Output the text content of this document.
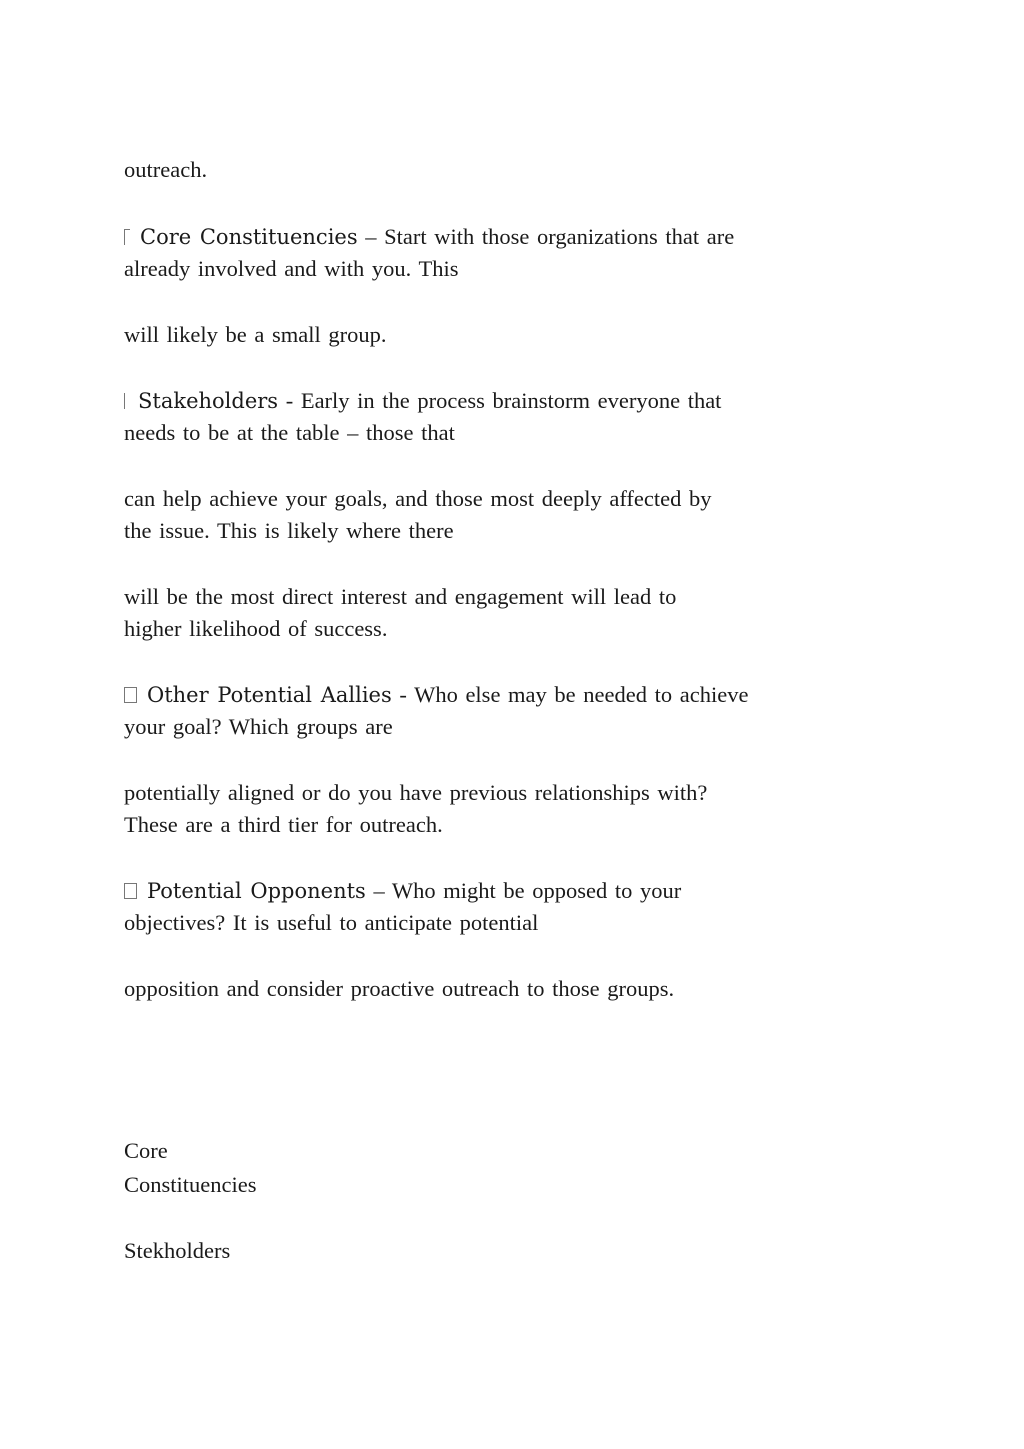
outreach.
Core Constituencies – Start with those organizations that are
already involved and with you. This
will likely be a small group.
Stakeholders - Early in the process brainstorm everyone that
needs to be at the table – those that
can help achieve your goals, and those most deeply affected by
the issue. This is likely where there
will be the most direct interest and engagement will lead to
higher likelihood of success.
Other Potential Aallies - Who else may be needed to achieve
your goal? Which groups are
potentially aligned or do you have previous relationships with?
These are a third tier for outreach.
Potential Opponents – Who might be opposed to your
objectives? It is useful to anticipate potential
opposition and consider proactive outreach to those groups.
Core
Constituencies
Stekholders
